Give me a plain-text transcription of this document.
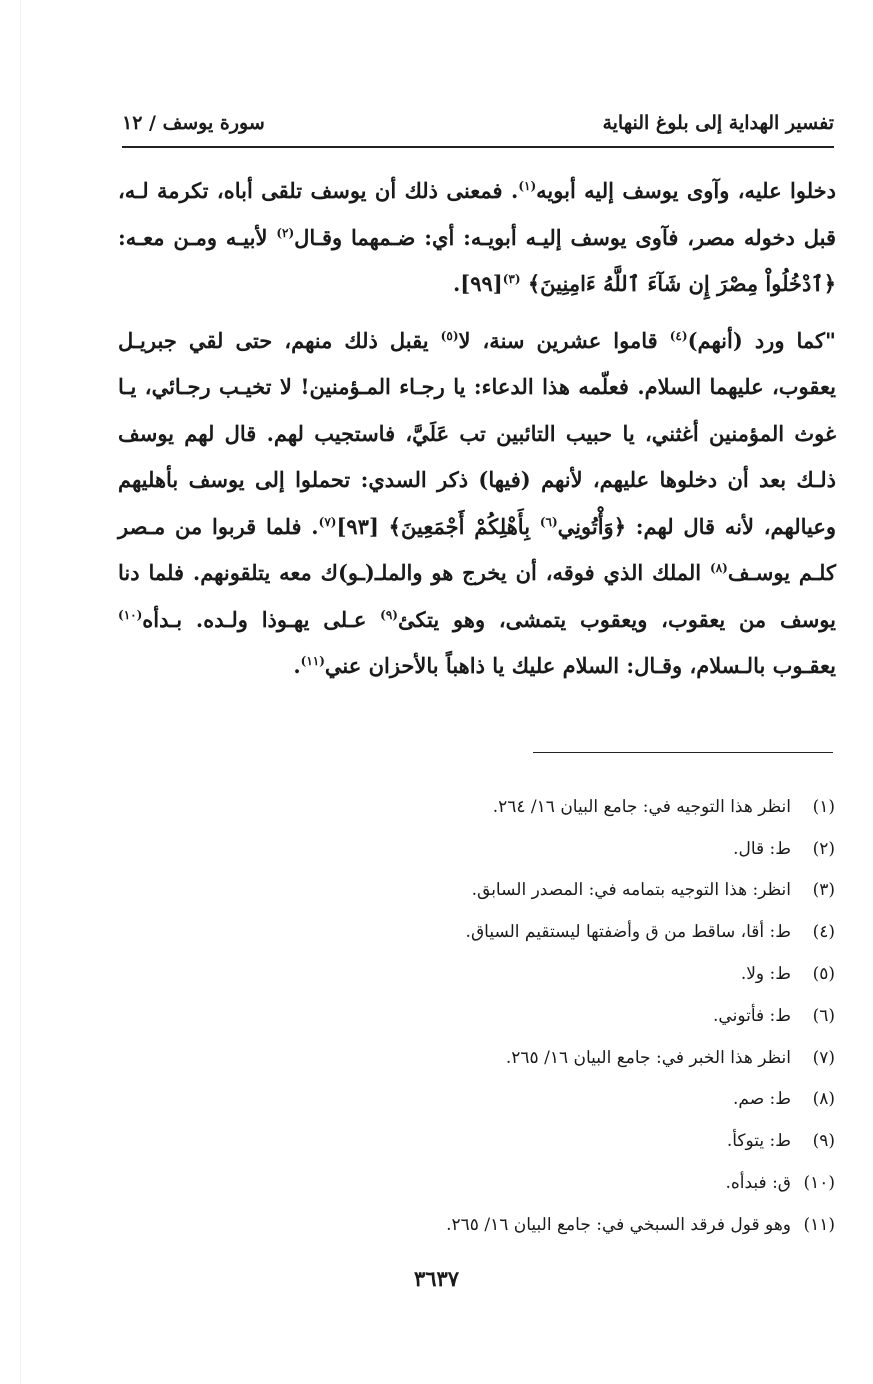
تفسير الهداية إلى بلوغ النهاية
سورة يوسف / ١٢

دخلوا عليه، وآوى يوسف إليه أبويه$^{(١)}$. فمعنى ذلك أن يوسف تلقى أباه، تكرمة لـه، قبل دخوله مصر، فآوى يوسف إليـه أبويـه: أي: ضـمهما وقـال$^{(٢)}$ لأبيـه ومـن معـه: ﴿ٱدْخُلُواْ مِصْرَ إِن شَآءَ ٱللَّهُ ءَامِنِينَ﴾ $^{(٣)}$[٩٩].

"كما ورد (أنهم)$^{(٤)}$ قاموا عشرين سنة، لا$^{(٥)}$ يقبل ذلك منهم، حتى لقي جبريـل يعقوب، عليهما السلام. فعلّمه هذا الدعاء: يا رجـاء المـؤمنين! لا تخيـب رجـائي، يـا غوث المؤمنين أغثني، يا حبيب التائبين تب عَلَيَّ، فاستجيب لهم. قال لهم يوسف ذلـك بعد أن دخلوها عليهم، لأنهم (فيها) ذكر السدي: تحملوا إلى يوسف بأهليهم وعيالهم، لأنه قال لهم: ﴿وَأْتُونِي$^{(٦)}$ بِأَهْلِكُمْ أَجْمَعِينَ﴾ [٩٣]$^{(٧)}$. فلما قربوا من مـصر كلـم يوسـف$^{(٨)}$ الملك الذي فوقه، أن يخرج هو والملـ(ـو)ك معه يتلقونهم. فلما دنا يوسف من يعقوب، ويعقوب يتمشى، وهو يتكئ$^{(٩)}$ عـلى يهـوذا ولـده. بـدأه$^{(١٠)}$ يعقـوب بالـسلام، وقـال: السلام عليك يا ذاهباً بالأحزان عني$^{(١١)}$.

(١)
انظر هذا التوجيه في: جامع البيان ١٦/ ٢٦٤.
(٢)
ط: قال.
(٣)
انظر: هذا التوجيه بتمامه في: المصدر السابق.
(٤)
ط: أقا، ساقط من ق وأضفتها ليستقيم السياق.
(٥)
ط: ولا.
(٦)
ط: فأتوني.
(٧)
انظر هذا الخبر في: جامع البيان ١٦/ ٢٦٥.
(٨)
ط: صم.
(٩)
ط: يتوكأ.
(١٠)
ق: فبدأه.
(١١)
وهو قول فرقد السبخي في: جامع البيان ١٦/ ٢٦٥.
٣٦٣٧
